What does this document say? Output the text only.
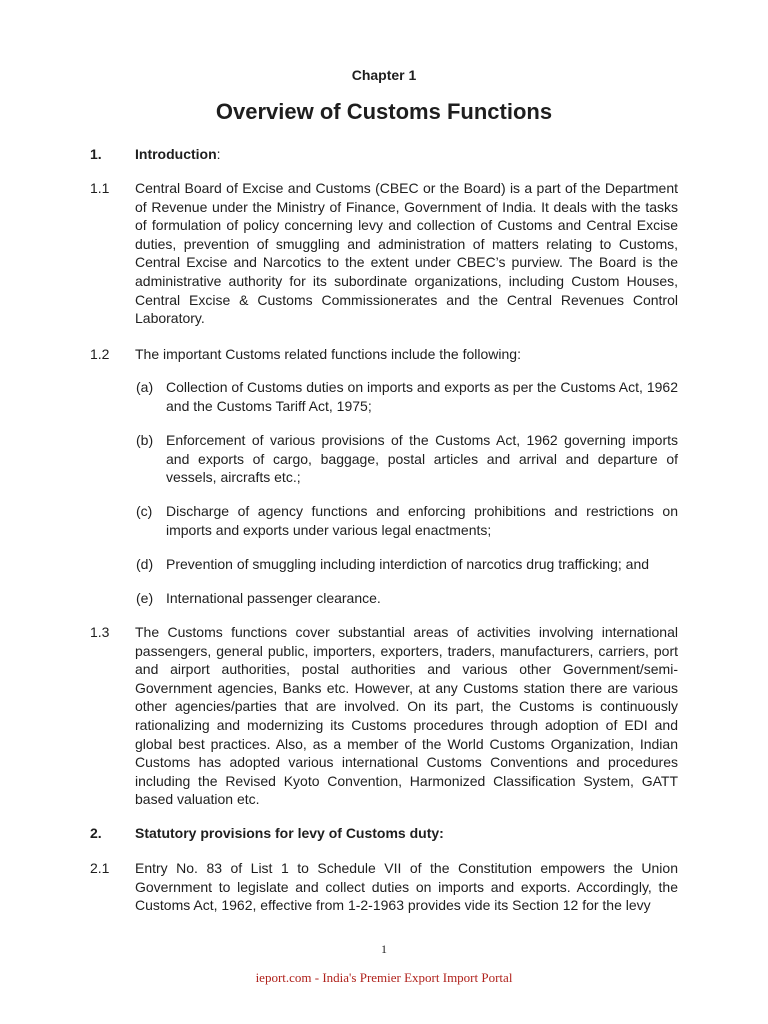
Chapter 1
Overview of Customs Functions
1. Introduction:
1.1 Central Board of Excise and Customs (CBEC or the Board) is a part of the Department of Revenue under the Ministry of Finance, Government of India. It deals with the tasks of formulation of policy concerning levy and collection of Customs and Central Excise duties, prevention of smuggling and administration of matters relating to Customs, Central Excise and Narcotics to the extent under CBEC’s purview. The Board is the administrative authority for its subordinate organizations, including Custom Houses, Central Excise & Customs Commissionerates and the Central Revenues Control Laboratory.
1.2 The important Customs related functions include the following:
(a) Collection of Customs duties on imports and exports as per the Customs Act, 1962 and the Customs Tariff Act, 1975;
(b) Enforcement of various provisions of the Customs Act, 1962 governing imports and exports of cargo, baggage, postal articles and arrival and departure of vessels, aircrafts etc.;
(c) Discharge of agency functions and enforcing prohibitions and restrictions on imports and exports under various legal enactments;
(d) Prevention of smuggling including interdiction of narcotics drug trafficking; and
(e) International passenger clearance.
1.3 The Customs functions cover substantial areas of activities involving international passengers, general public, importers, exporters, traders, manufacturers, carriers, port and airport authorities, postal authorities and various other Government/semi-Government agencies, Banks etc. However, at any Customs station there are various other agencies/parties that are involved. On its part, the Customs is continuously rationalizing and modernizing its Customs procedures through adoption of EDI and global best practices. Also, as a member of the World Customs Organization, Indian Customs has adopted various international Customs Conventions and procedures including the Revised Kyoto Convention, Harmonized Classification System, GATT based valuation etc.
2. Statutory provisions for levy of Customs duty:
2.1 Entry No. 83 of List 1 to Schedule VII of the Constitution empowers the Union Government to legislate and collect duties on imports and exports. Accordingly, the Customs Act, 1962, effective from 1-2-1963 provides vide its Section 12 for the levy
1
ieport.com - India's Premier Export Import Portal
